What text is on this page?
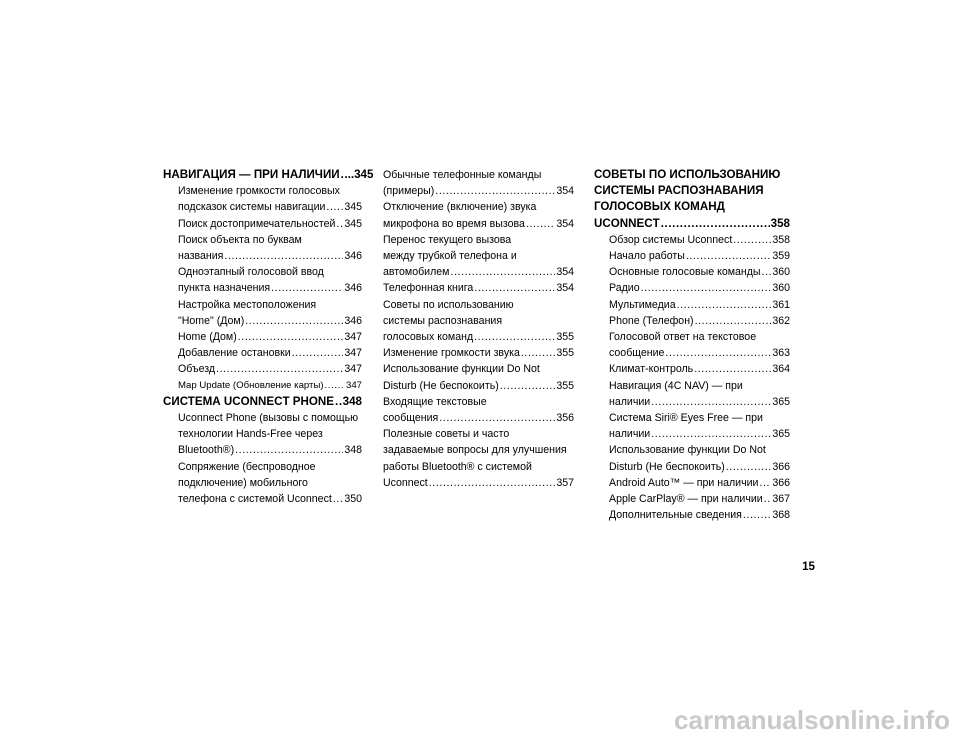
НАВИГАЦИЯ — ПРИ НАЛИЧИИ ..... ..345
Изменение громкости голосовых
подсказок системы навигации ..... 345
Поиск достопримечательностей ..... 345
Поиск объекта по буквам
названия .....	346
Одноэтапный голосовой ввод
пункта назначения .....	346
Настройка местоположения
"Home" (Дом) .....	346
Home (Дом) .....	347
Добавление остановки .....	347
Объезд .....	347
Map Update (Обновление карты) ..... 347
СИСТЕМА UCONNECT PHONE ..... 348
Uconnect Phone (вызовы с помощью
технологии Hands-Free через
Bluetooth®) .....	348
Сопряжение (беспроводное
подключение) мобильного
телефона с системой Uconnect ..... 350
Обычные телефонные команды
(примеры) .....	354
Отключение (включение) звука
микрофона во время вызова .....	354
Перенос текущего вызова
между трубкой телефона и
автомобилем .....	354
Телефонная книга .....	354
Советы по использованию
системы распознавания
голосовых команд .....	355
Изменение громкости звука .....	355
Использование функции Do Not
Disturb (Не беспокоить) .....	355
Входящие текстовые
сообщения .....	356
Полезные советы и часто
задаваемые вопросы для улучшения
работы Bluetooth® с системой
Uconnect .....	357
СОВЕТЫ ПО ИСПОЛЬЗОВАНИЮ
СИСТЕМЫ РАСПОЗНАВАНИЯ
ГОЛОСОВЫХ КОМАНД
UCONNECT .....	358
Обзор системы Uconnect .....	358
Начало работы .....	359
Основные голосовые команды ..... 360
Радио .....	360
Мультимедиа .....	361
Phone (Телефон) .....	362
Голосовой ответ на текстовое
сообщение .....	363
Климат-контроль .....	364
Навигация (4C NAV) — при
наличии .....	365
Система Siri® Eyes Free — при
наличии .....	365
Использование функции Do Not
Disturb (Не беспокоить) .....	366
Android Auto™ — при наличии ..... 366
Apple CarPlay® — при наличии ..... 367
Дополнительные сведения .....	368
15
carmanualsonline.info
